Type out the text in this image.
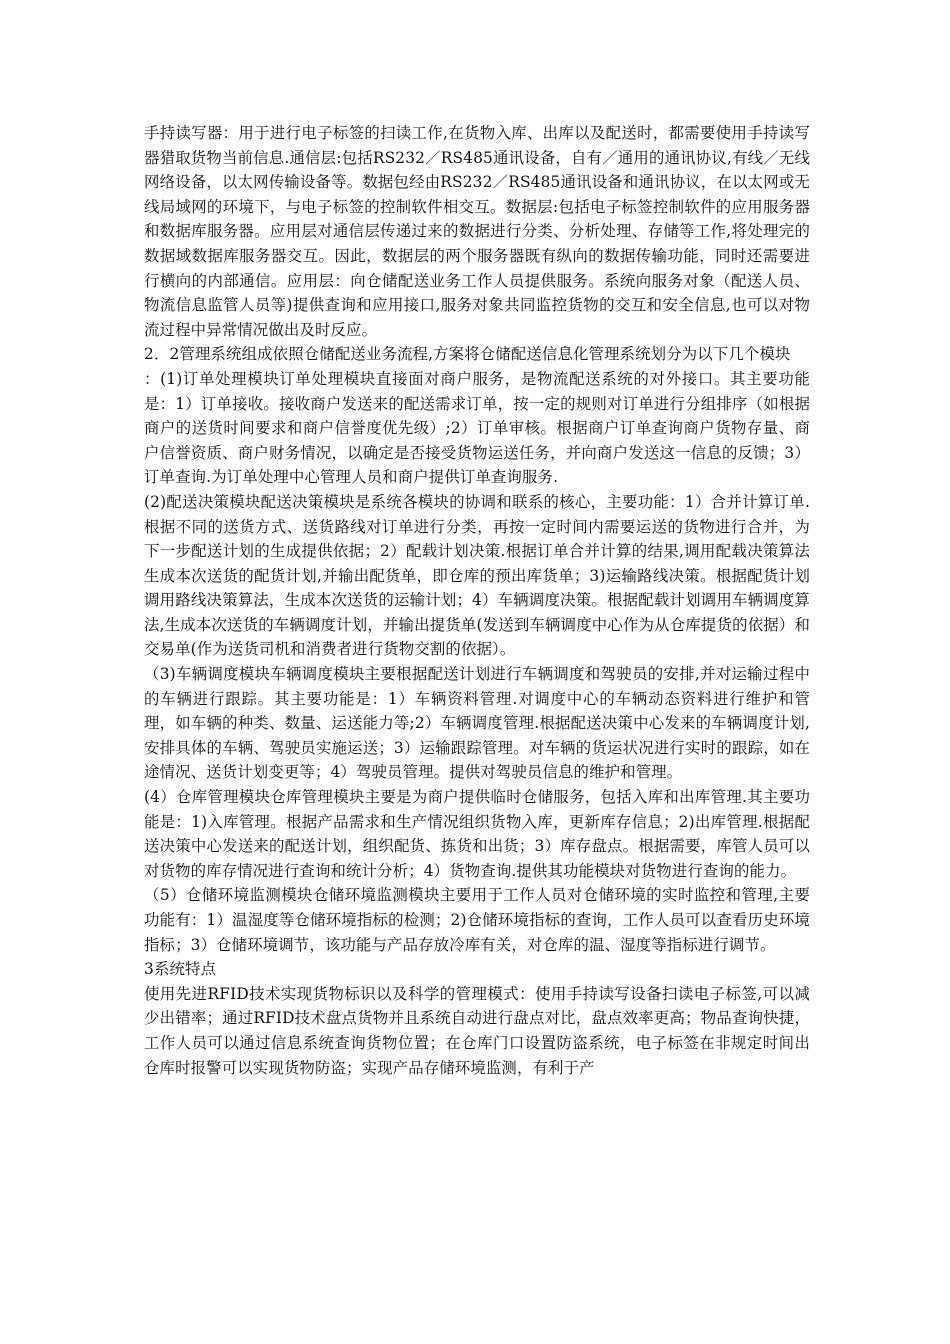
手持读写器：用于进行电子标签的扫读工作,在货物入库、出库以及配送时，都需要使用手持读写器猎取货物当前信息.通信层:包括RS232／RS485通讯设备，自有／通用的通讯协议,有线／无线网络设备，以太网传输设备等。数据包经由RS232／RS485通讯设备和通讯协议，在以太网或无线局域网的环境下，与电子标签的控制软件相交互。数据层:包括电子标签控制软件的应用服务器和数据库服务器。应用层对通信层传递过来的数据进行分类、分析处理、存储等工作,将处理完的数据域数据库服务器交互。因此，数据层的两个服务器既有纵向的数据传输功能，同时还需要进行横向的内部通信。应用层：向仓储配送业务工作人员提供服务。系统向服务对象（配送人员、物流信息监管人员等)提供查询和应用接口,服务对象共同监控货物的交互和安全信息,也可以对物流过程中异常情况做出及时反应。

2．2管理系统组成依照仓储配送业务流程,方案将仓储配送信息化管理系统划分为以下几个模块

：(1)订单处理模块订单处理模块直接面对商户服务，是物流配送系统的对外接口。其主要功能是：1）订单接收。接收商户发送来的配送需求订单，按一定的规则对订单进行分组排序（如根据商户的送货时间要求和商户信誉度优先级）;2）订单审核。根据商户订单查询商户货物存量、商户信誉资质、商户财务情况，以确定是否接受货物运送任务，并向商户发送这一信息的反馈；3）订单查询.为订单处理中心管理人员和商户提供订单查询服务.

(2)配送决策模块配送决策模块是系统各模块的协调和联系的核心，主要功能：1）合并计算订单.根据不同的送货方式、送货路线对订单进行分类，再按一定时间内需要运送的货物进行合并，为下一步配送计划的生成提供依据；2）配载计划决策.根据订单合并计算的结果,调用配载决策算法生成本次送货的配货计划,并输出配货单，即仓库的预出库货单；3)运输路线决策。根据配货计划调用路线决策算法，生成本次送货的运输计划；4）车辆调度决策。根据配载计划调用车辆调度算法,生成本次送货的车辆调度计划，并输出提货单(发送到车辆调度中心作为从仓库提货的依据）和交易单(作为送货司机和消费者进行货物交割的依据）。

（3)车辆调度模块车辆调度模块主要根据配送计划进行车辆调度和驾驶员的安排,并对运输过程中的车辆进行跟踪。其主要功能是：1）车辆资料管理.对调度中心的车辆动态资料进行维护和管理，如车辆的种类、数量、运送能力等;2）车辆调度管理.根据配送决策中心发来的车辆调度计划,安排具体的车辆、驾驶员实施运送；3）运输跟踪管理。对车辆的货运状况进行实时的跟踪，如在途情况、送货计划变更等；4）驾驶员管理。提供对驾驶员信息的维护和管理。

(4）仓库管理模块仓库管理模块主要是为商户提供临时仓储服务，包括入库和出库管理.其主要功能是：1)入库管理。根据产品需求和生产情况组织货物入库，更新库存信息；2)出库管理.根据配送决策中心发送来的配送计划，组织配货、拣货和出货；3）库存盘点。根据需要，库管人员可以对货物的库存情况进行查询和统计分析；4）货物查询.提供其功能模块对货物进行查询的能力。

（5）仓储环境监测模块仓储环境监测模块主要用于工作人员对仓储环境的实时监控和管理,主要功能有：1）温湿度等仓储环境指标的检测；2)仓储环境指标的查询，工作人员可以查看历史环境指标；3）仓储环境调节，该功能与产品存放冷库有关，对仓库的温、湿度等指标进行调节。

3系统特点

使用先进RFID技术实现货物标识以及科学的管理模式：使用手持读写设备扫读电子标签,可以减少出错率；通过RFID技术盘点货物并且系统自动进行盘点对比，盘点效率更高；物品查询快捷，工作人员可以通过信息系统查询货物位置；在仓库门口设置防盗系统，电子标签在非规定时间出仓库时报警可以实现货物防盗；实现产品存储环境监测，有利于产
